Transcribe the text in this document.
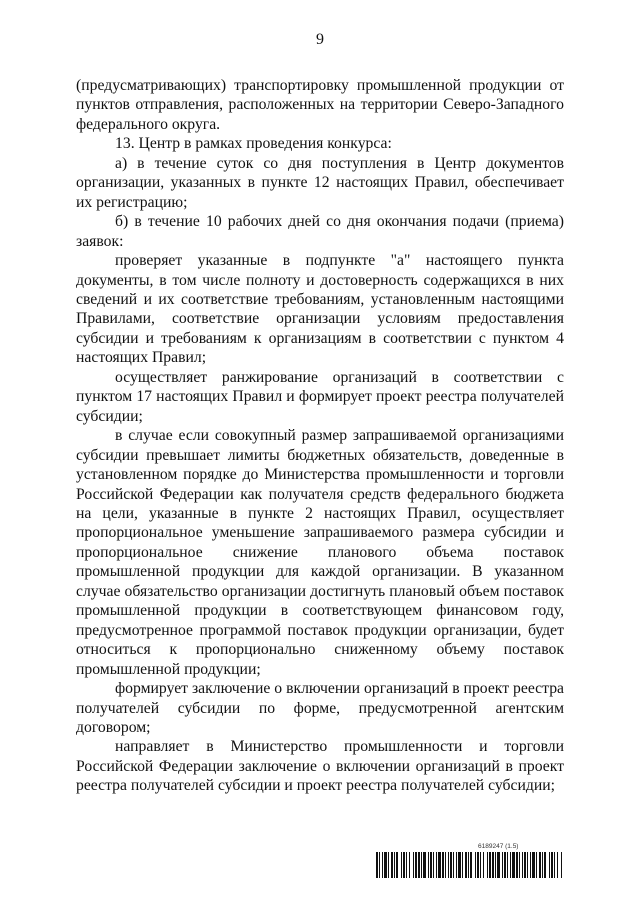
9

(предусматривающих) транспортировку промышленной продукции от пунктов отправления, расположенных на территории Северо-Западного федерального округа.

13. Центр в рамках проведения конкурса:

а) в течение суток со дня поступления в Центр документов организации, указанных в пункте 12 настоящих Правил, обеспечивает их регистрацию;

б) в течение 10 рабочих дней со дня окончания подачи (приема) заявок:

проверяет указанные в подпункте "а" настоящего пункта документы, в том числе полноту и достоверность содержащихся в них сведений и их соответствие требованиям, установленным настоящими Правилами, соответствие организации условиям предоставления субсидии и требованиям к организациям в соответствии с пунктом 4 настоящих Правил;

осуществляет ранжирование организаций в соответствии с пунктом 17 настоящих Правил и формирует проект реестра получателей субсидии;

в случае если совокупный размер запрашиваемой организациями субсидии превышает лимиты бюджетных обязательств, доведенные в установленном порядке до Министерства промышленности и торговли Российской Федерации как получателя средств федерального бюджета на цели, указанные в пункте 2 настоящих Правил, осуществляет пропорциональное уменьшение запрашиваемого размера субсидии и пропорциональное снижение планового объема поставок промышленной продукции для каждой организации. В указанном случае обязательство организации достигнуть плановый объем поставок промышленной продукции в соответствующем финансовом году, предусмотренное программой поставок продукции организации, будет относиться к пропорционально сниженному объему поставок промышленной продукции;

формирует заключение о включении организаций в проект реестра получателей субсидии по форме, предусмотренной агентским договором;

направляет в Министерство промышленности и торговли Российской Федерации заключение о включении организаций в проект реестра получателей субсидии и проект реестра получателей субсидии;

6189247 (1.5)
